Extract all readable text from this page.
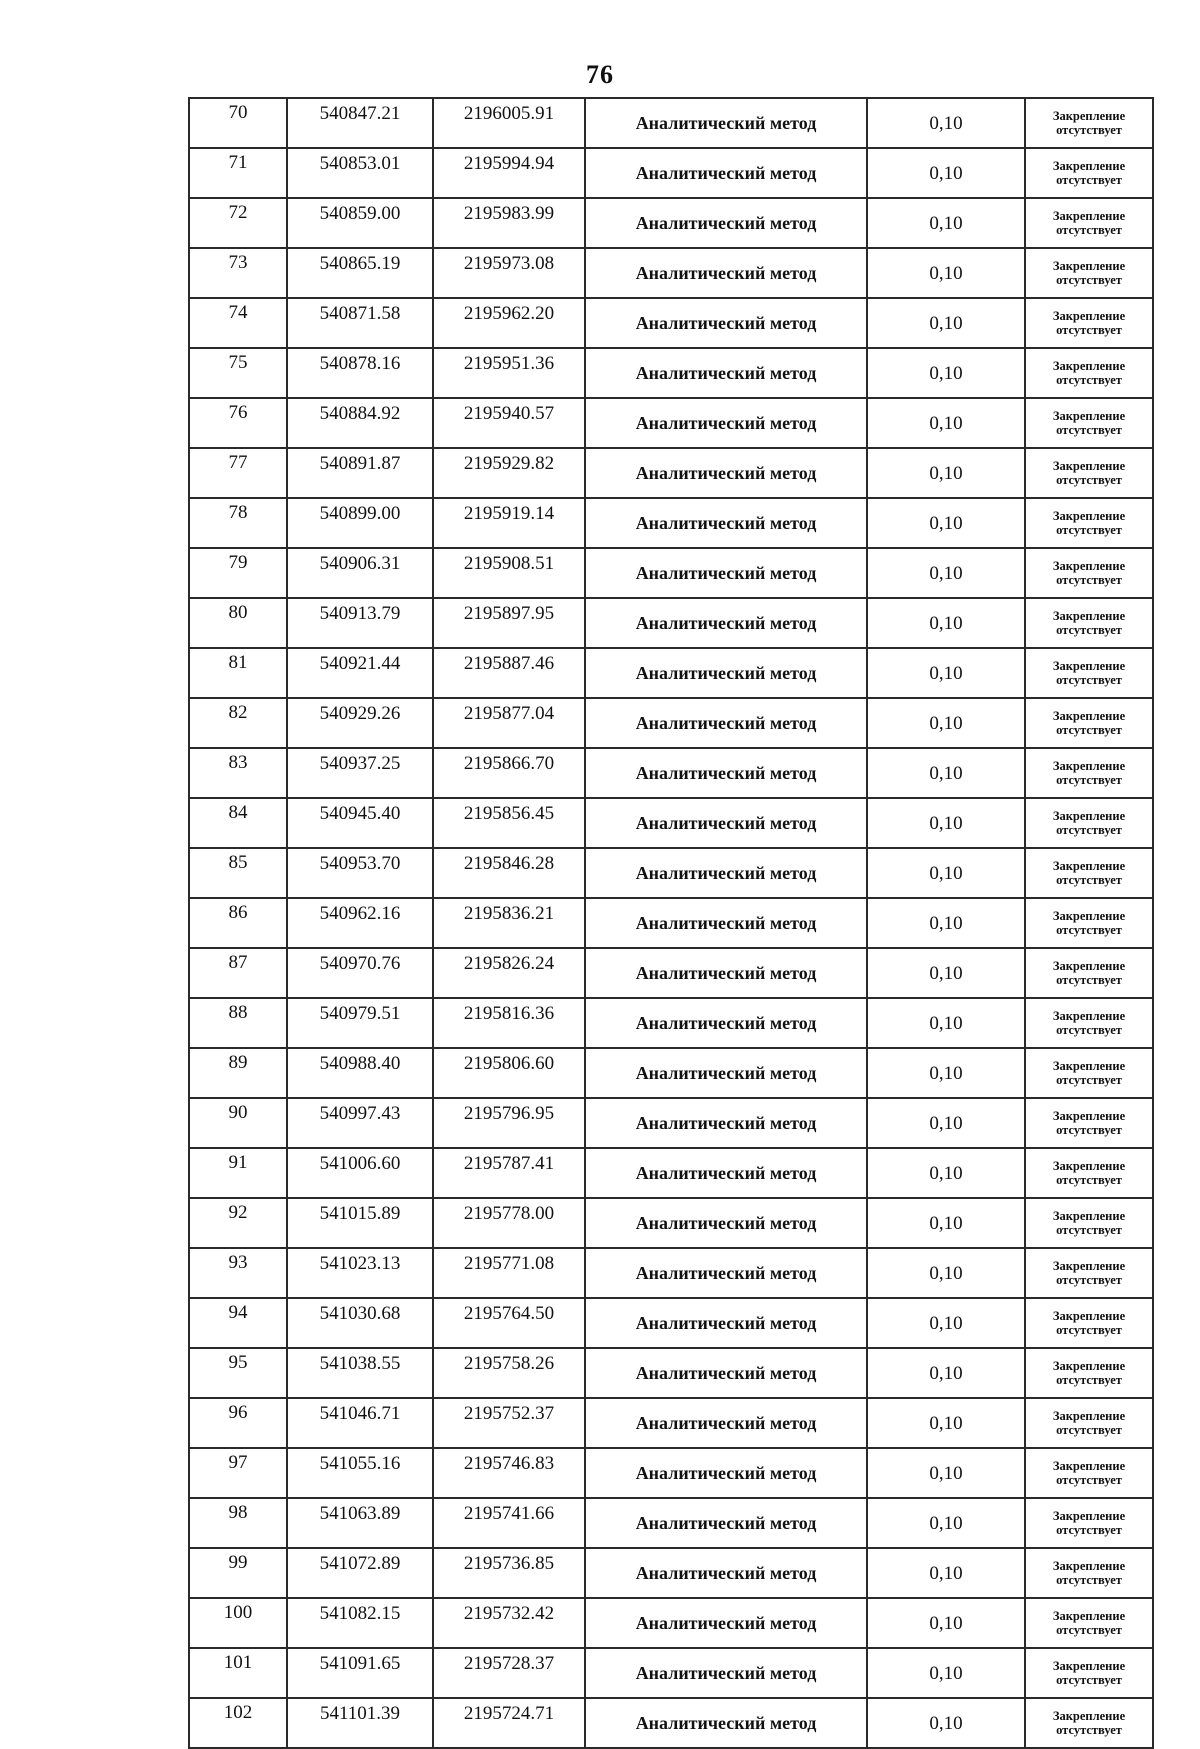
76
70	540847.21	2196005.91	Аналитический метод	0,10	Закрепление
отсутствует

71	540853.01	2195994.94	Аналитический метод	0,10	Закрепление
отсутствует

72	540859.00	2195983.99	Аналитический метод	0,10	Закрепление
отсутствует

73	540865.19	2195973.08	Аналитический метод	0,10	Закрепление
отсутствует

74	540871.58	2195962.20	Аналитический метод	0,10	Закрепление
отсутствует

75	540878.16	2195951.36	Аналитический метод	0,10	Закрепление
отсутствует

76	540884.92	2195940.57	Аналитический метод	0,10	Закрепление
отсутствует

77	540891.87	2195929.82	Аналитический метод	0,10	Закрепление
отсутствует

78	540899.00	2195919.14	Аналитический метод	0,10	Закрепление
отсутствует

79	540906.31	2195908.51	Аналитический метод	0,10	Закрепление
отсутствует

80	540913.79	2195897.95	Аналитический метод	0,10	Закрепление
отсутствует

81	540921.44	2195887.46	Аналитический метод	0,10	Закрепление
отсутствует

82	540929.26	2195877.04	Аналитический метод	0,10	Закрепление
отсутствует

83	540937.25	2195866.70	Аналитический метод	0,10	Закрепление
отсутствует

84	540945.40	2195856.45	Аналитический метод	0,10	Закрепление
отсутствует

85	540953.70	2195846.28	Аналитический метод	0,10	Закрепление
отсутствует

86	540962.16	2195836.21	Аналитический метод	0,10	Закрепление
отсутствует

87	540970.76	2195826.24	Аналитический метод	0,10	Закрепление
отсутствует

88	540979.51	2195816.36	Аналитический метод	0,10	Закрепление
отсутствует

89	540988.40	2195806.60	Аналитический метод	0,10	Закрепление
отсутствует

90	540997.43	2195796.95	Аналитический метод	0,10	Закрепление
отсутствует

91	541006.60	2195787.41	Аналитический метод	0,10	Закрепление
отсутствует

92	541015.89	2195778.00	Аналитический метод	0,10	Закрепление
отсутствует

93	541023.13	2195771.08	Аналитический метод	0,10	Закрепление
отсутствует

94	541030.68	2195764.50	Аналитический метод	0,10	Закрепление
отсутствует

95	541038.55	2195758.26	Аналитический метод	0,10	Закрепление
отсутствует

96	541046.71	2195752.37	Аналитический метод	0,10	Закрепление
отсутствует

97	541055.16	2195746.83	Аналитический метод	0,10	Закрепление
отсутствует

98	541063.89	2195741.66	Аналитический метод	0,10	Закрепление
отсутствует

99	541072.89	2195736.85	Аналитический метод	0,10	Закрепление
отсутствует

100	541082.15	2195732.42	Аналитический метод	0,10	Закрепление
отсутствует

101	541091.65	2195728.37	Аналитический метод	0,10	Закрепление
отсутствует

102	541101.39	2195724.71	Аналитический метод	0,10	Закрепление
отсутствует
